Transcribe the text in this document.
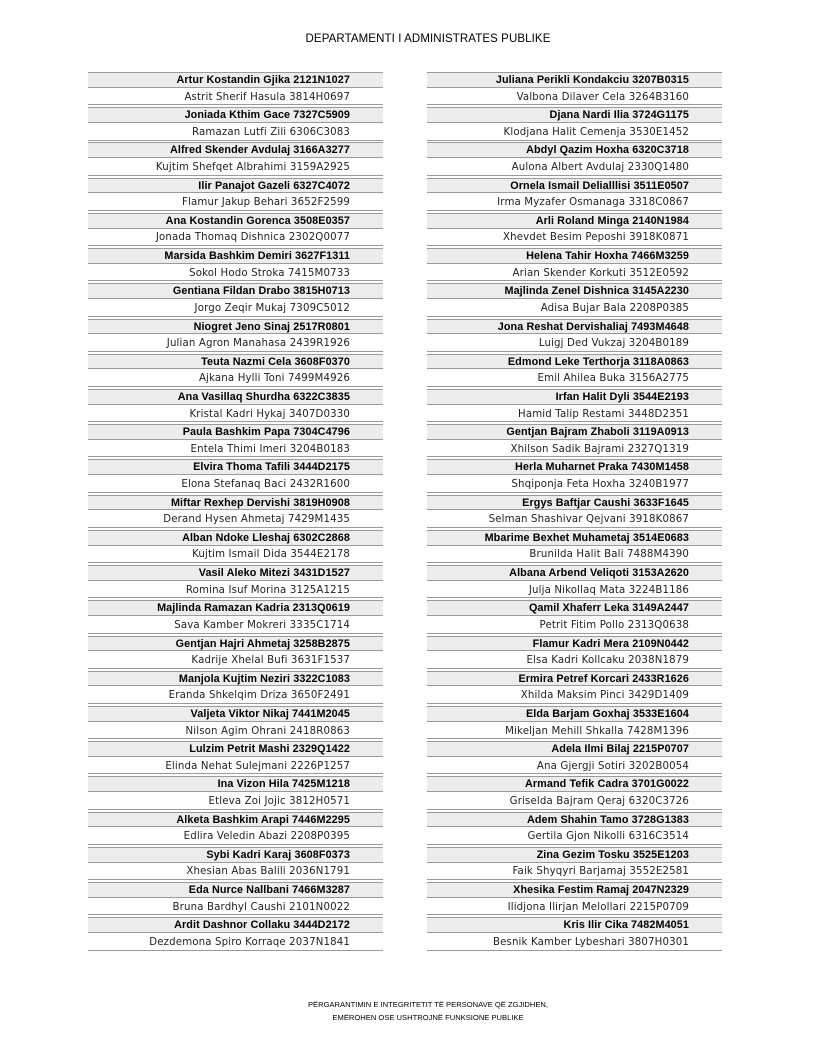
DEPARTAMENTI I ADMINISTRATES PUBLIKE
Artur Kostandin Gjika 2121N1027
Astrit Sherif Hasula 3814H0697
Joniada Kthim Gace 7327C5909
Ramazan Lutfi Zili 6306C3083
Alfred Skender Avdulaj 3166A3277
Kujtim Shefqet Albrahimi 3159A2925
Ilir Panajot Gazeli 6327C4072
Flamur Jakup Behari 3652F2599
Ana Kostandin Gorenca 3508E0357
Jonada Thomaq Dishnica 2302Q0077
Marsida Bashkim Demiri 3627F1311
Sokol Hodo Stroka 7415M0733
Gentiana Fildan Drabo 3815H0713
Jorgo Zeqir Mukaj 7309C5012
Niogret Jeno Sinaj 2517R0801
Julian Agron Manahasa 2439R1926
Teuta Nazmi Cela 3608F0370
Ajkana Hylli Toni 7499M4926
Ana Vasillaq Shurdha 6322C3835
Kristal Kadri Hykaj 3407D0330
Paula Bashkim Papa 7304C4796
Entela Thimi Imeri 3204B0183
Elvira Thoma Tafili 3444D2175
Elona Stefanaq Baci 2432R1600
Miftar Rexhep Dervishi 3819H0908
Derand Hysen Ahmetaj 7429M1435
Alban Ndoke Lleshaj 6302C2868
Kujtim Ismail Dida 3544E2178
Vasil Aleko Mitezi 3431D1527
Romina Isuf Morina 3125A1215
Majlinda Ramazan Kadria 2313Q0619
Sava Kamber Mokreri 3335C1714
Gentjan Hajri Ahmetaj 3258B2875
Kadrije Xhelal Bufi 3631F1537
Manjola Kujtim Neziri 3322C1083
Eranda Shkelqim Driza 3650F2491
Valjeta Viktor Nikaj 7441M2045
Nilson Agim Ohrani 2418R0863
Lulzim Petrit Mashi 2329Q1422
Elinda Nehat Sulejmani 2226P1257
Ina Vizon Hila 7425M1218
Etleva Zoi Jojic 3812H0571
Alketa Bashkim Arapi 7446M2295
Edlira Veledin Abazi 2208P0395
Sybi Kadri Karaj 3608F0373
Xhesian Abas Balili 2036N1791
Eda Nurce Nallbani 7466M3287
Bruna Bardhyl Caushi 2101N0022
Ardit Dashnor Collaku 3444D2172
Dezdemona Spiro Korraqe 2037N1841
Juliana Perikli Kondakciu 3207B0315
Valbona Dilaver Cela 3264B3160
Djana Nardi Ilia 3724G1175
Klodjana Halit Cemenja 3530E1452
Abdyl Qazim Hoxha 6320C3718
Aulona Albert Avdulaj 2330Q1480
Ornela Ismail Delialllisi 3511E0507
Irma Myzafer Osmanaga 3318C0867
Arli Roland Minga 2140N1984
Xhevdet Besim Peposhi 3918K0871
Helena Tahir Hoxha 7466M3259
Arian Skender Korkuti 3512E0592
Majlinda Zenel Dishnica 3145A2230
Adisa Bujar Bala 2208P0385
Jona Reshat Dervishaliaj 7493M4648
Luigj Ded Vukzaj 3204B0189
Edmond Leke Terthorja 3118A0863
Emil Ahilea Buka 3156A2775
Irfan Halit Dyli 3544E2193
Hamid Talip Restami 3448D2351
Gentjan Bajram Zhaboli 3119A0913
Xhilson Sadik Bajrami 2327Q1319
Herla Muharnet Praka 7430M1458
Shqiponja Feta Hoxha 3240B1977
Ergys Baftjar Caushi 3633F1645
Selman Shashivar Qejvani 3918K0867
Mbarime Bexhet Muhametaj 3514E0683
Brunilda Halit Bali 7488M4390
Albana Arbend Veliqoti 3153A2620
Julja Nikollaq Mata 3224B1186
Qamil Xhaferr Leka 3149A2447
Petrit Fitim Pollo 2313Q0638
Flamur Kadri Mera 2109N0442
Elsa Kadri Kollcaku 2038N1879
Ermira Petref Korcari 2433R1626
Xhilda Maksim Pinci 3429D1409
Elda Barjam Goxhaj 3533E1604
Mikeljan Mehill Shkalla 7428M1396
Adela Ilmi Bilaj 2215P0707
Ana Gjergji Sotiri 3202B0054
Armand Tefik Cadra 3701G0022
Griselda Bajram Qeraj 6320C3726
Adem Shahin Tamo 3728G1383
Gertila Gjon Nikolli 6316C3514
Zina Gezim Tosku 3525E1203
Faik Shyqyri Barjamaj 3552E2581
Xhesika Festim Ramaj 2047N2329
Ilidjona Ilirjan Melollari 2215P0709
Kris Ilir Cika 7482M4051
Besnik Kamber Lybeshari 3807H0301
PËRGARANTIMIN E INTEGRITETIT TË PERSONAVE QË ZGJIDHEN,
EMËROHEN OSE USHTROJNË FUNKSIONE PUBLIKE
